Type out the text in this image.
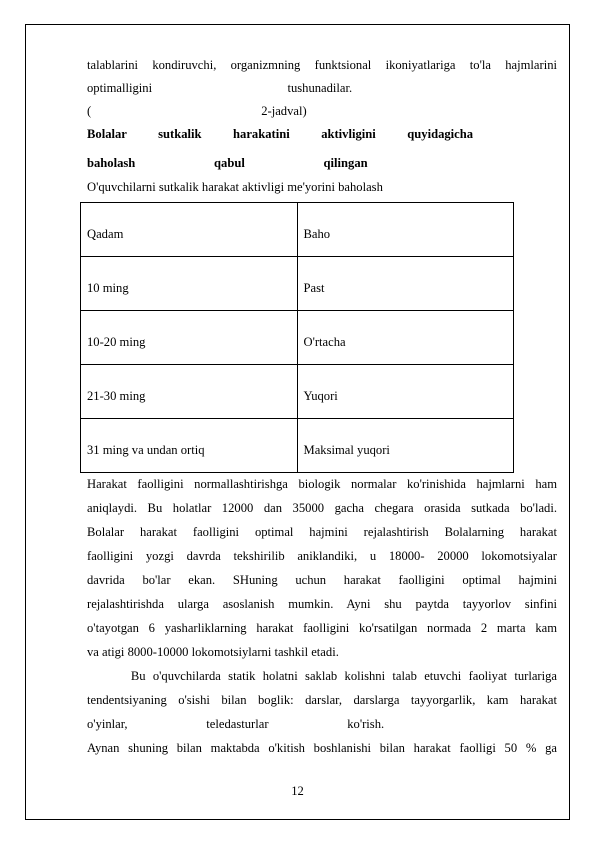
talablarini kondiruvchi, organizmning funktsional ikoniyatlariga to'la hajmlarini
optimalligini                                           tushunadilar.
(                                                      2-jadval)
Bolalar          sutkalik          harakatini          aktivligini          quyidagicha
baholash                         qabul                         qilingan
O'quvchilarni sutkalik harakat aktivligi me'yorini baholash
Qadam	Baho
10 ming	Past
10-20 ming	O'rtacha
21-30 ming	Yuqori
31 ming va undan ortiq	Maksimal yuqori
Harakat faolligini normallashtirishga biologik normalar ko'rinishida hajmlarni ham
aniqlaydi. Bu holatlar 12000 dan 35000 gacha chegara orasida sutkada bo'ladi.
Bolalar harakat faolligini optimal hajmini rejalashtirish Bolalarning harakat
faolligini yozgi davrda tekshirilib aniklandiki, u 18000- 20000 lokomotsiyalar
davrida bo'lar ekan. SHuning uchun harakat faolligini optimal hajmini
rejalashtirishda ularga asoslanish mumkin. Ayni shu paytda tayyorlov sinfini
o'tayotgan 6 yasharliklarning harakat faolligini ko'rsatilgan normada 2 marta kam
va atigi 8000-10000 lokomotsiylarni tashkil etadi.
Bu o'quvchilarda statik holatni saklab kolishni talab etuvchi faoliyat turlariga
tendentsiyaning o'sishi bilan boglik: darslar, darslarga tayyorgarlik, kam harakat
o'yinlar,                         teledasturlar                         ko'rish.
Aynan shuning bilan maktabda o'kitish boshlanishi bilan harakat faolligi 50 % ga
12
